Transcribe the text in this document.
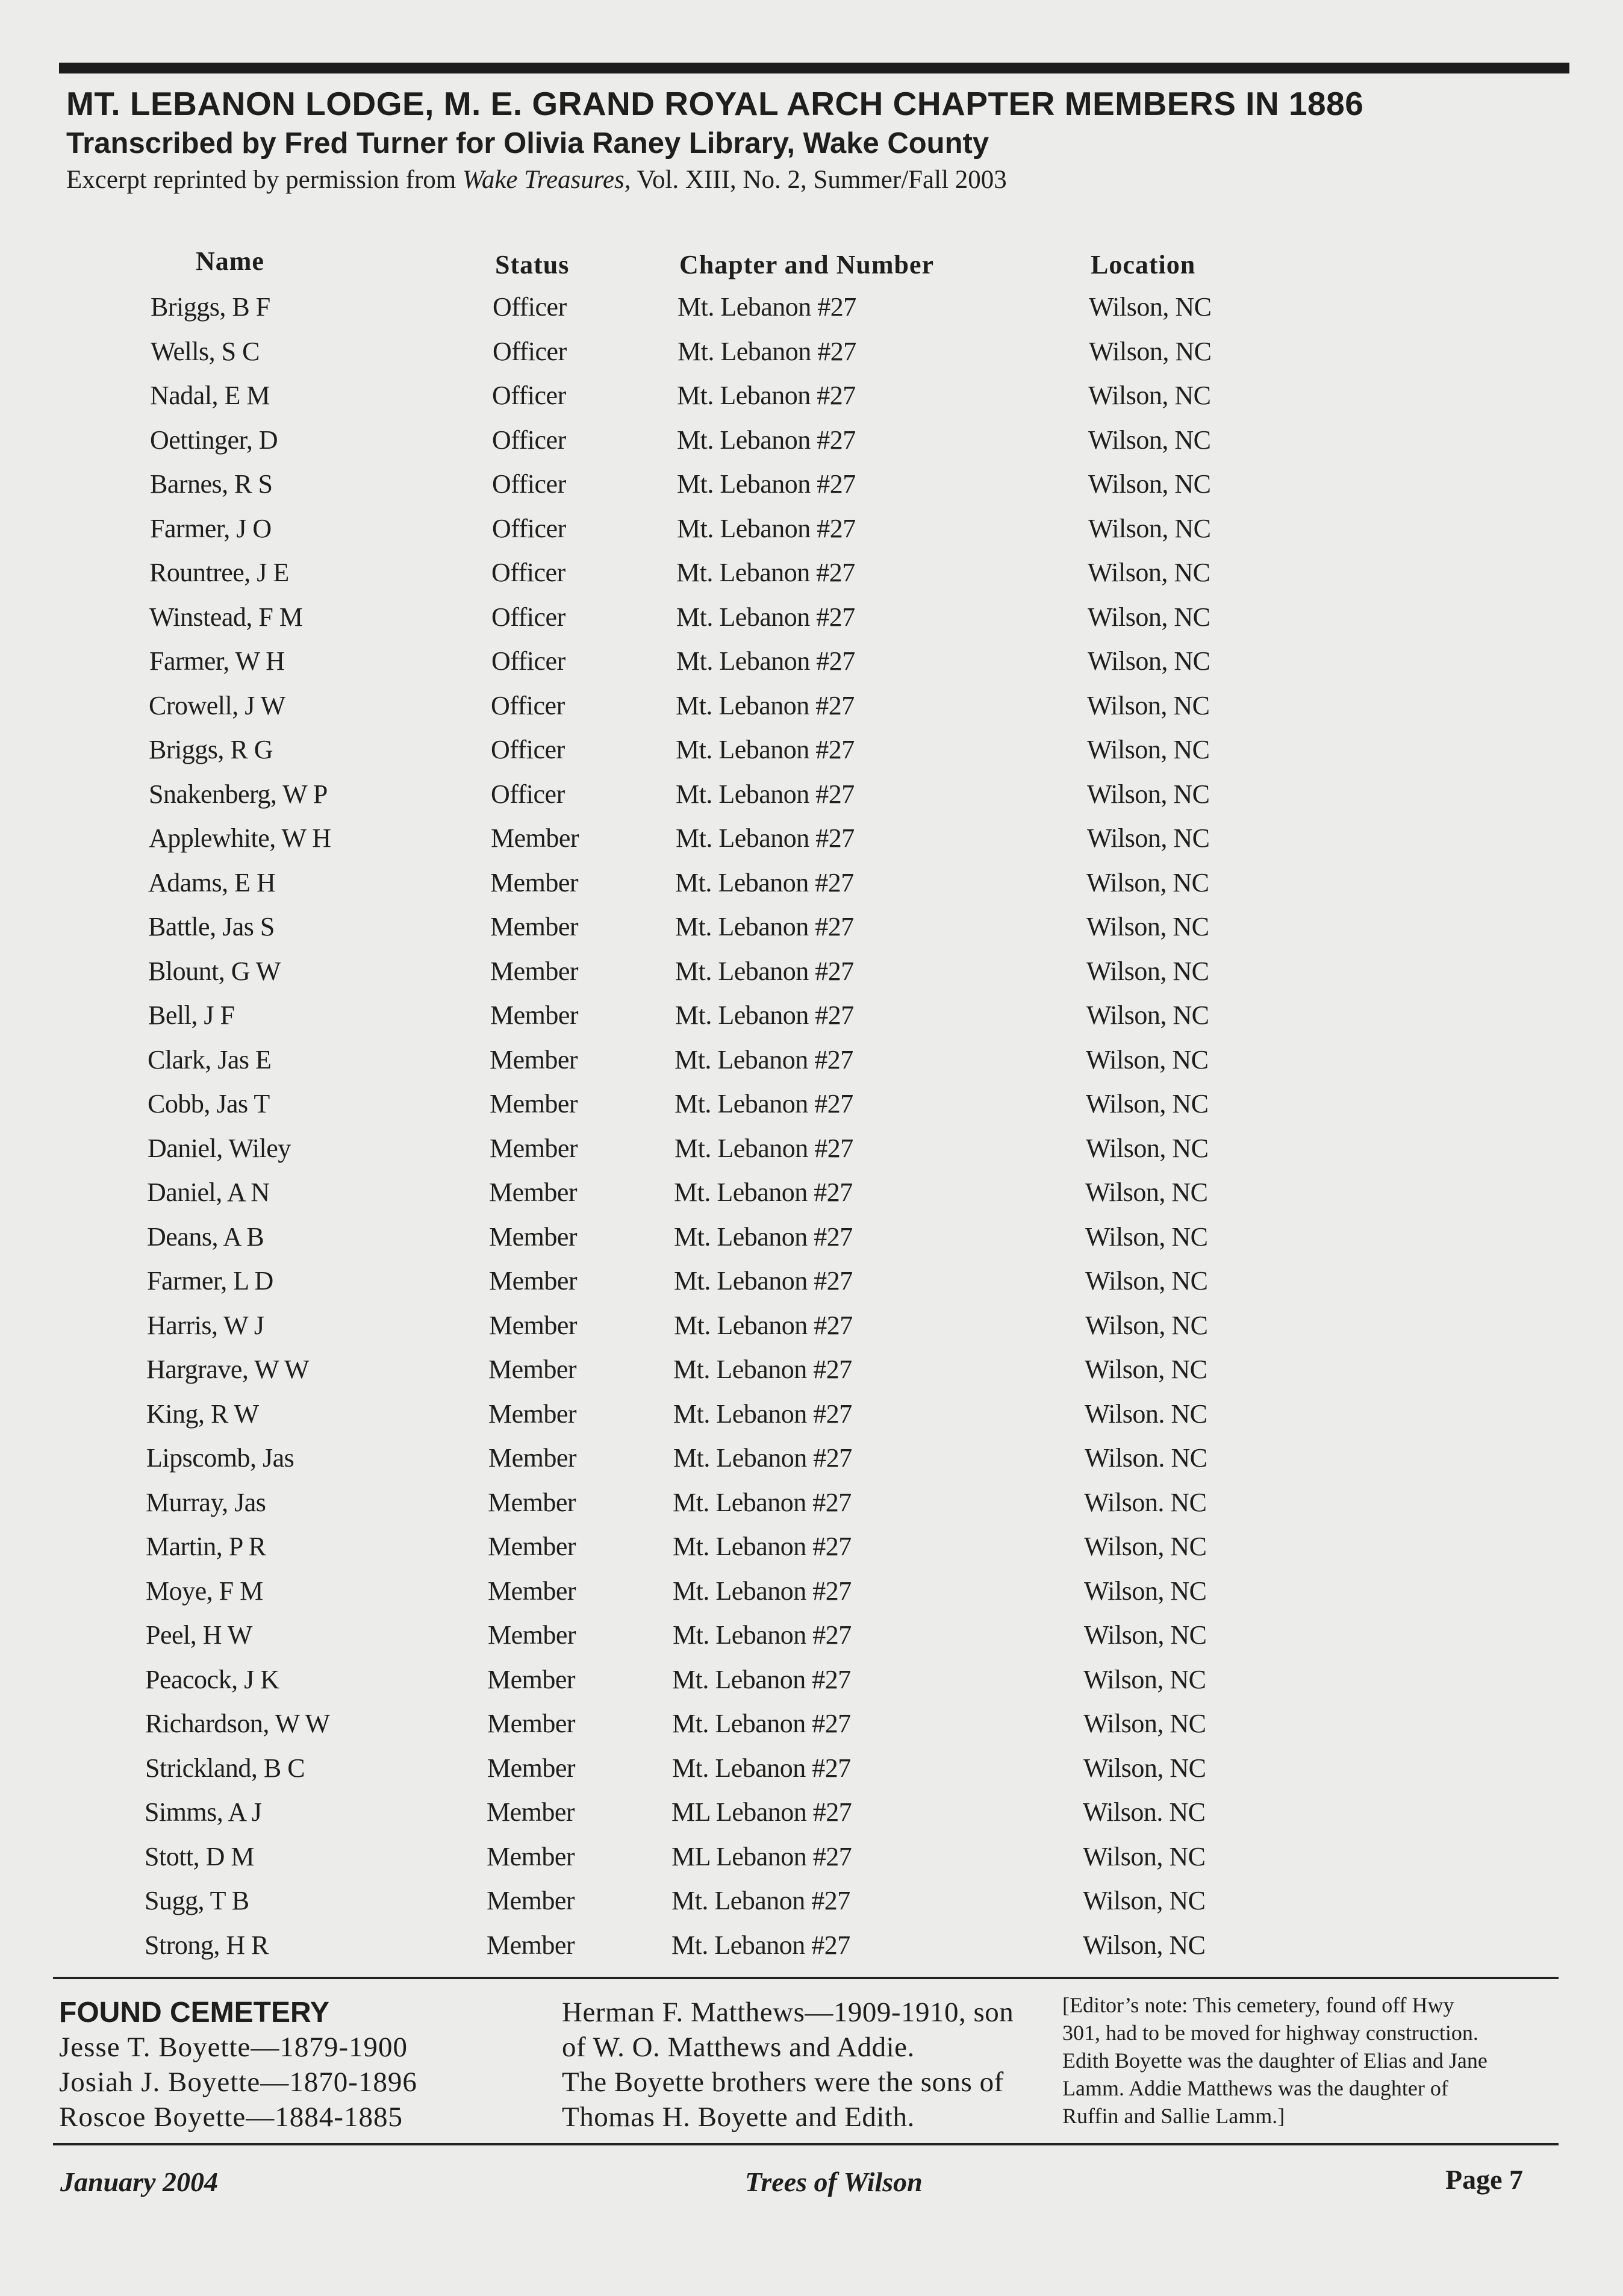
MT. LEBANON LODGE, M. E. GRAND ROYAL ARCH CHAPTER MEMBERS IN 1886
Transcribed by Fred Turner for Olivia Raney Library, Wake County
Excerpt reprinted by permission from Wake Treasures, Vol. XIII, No. 2, Summer/Fall 2003
Name	Status	Chapter and Number	Location
Briggs, B F	Officer	Mt. Lebanon #27	Wilson, NC
Wells, S C	Officer	Mt. Lebanon #27	Wilson, NC
Nadal, E M	Officer	Mt. Lebanon #27	Wilson, NC
Oettinger, D	Officer	Mt. Lebanon #27	Wilson, NC
Barnes, R S	Officer	Mt. Lebanon #27	Wilson, NC
Farmer, J O	Officer	Mt. Lebanon #27	Wilson, NC
Rountree, J E	Officer	Mt. Lebanon #27	Wilson, NC
Winstead, F M	Officer	Mt. Lebanon #27	Wilson, NC
Farmer, W H	Officer	Mt. Lebanon #27	Wilson, NC
Crowell, J W	Officer	Mt. Lebanon #27	Wilson, NC
Briggs, R G	Officer	Mt. Lebanon #27	Wilson, NC
Snakenberg, W P	Officer	Mt. Lebanon #27	Wilson, NC
Applewhite, W H	Member	Mt. Lebanon #27	Wilson, NC
Adams, E H	Member	Mt. Lebanon #27	Wilson, NC
Battle, Jas S	Member	Mt. Lebanon #27	Wilson, NC
Blount, G W	Member	Mt. Lebanon #27	Wilson, NC
Bell, J F	Member	Mt. Lebanon #27	Wilson, NC
Clark, Jas E	Member	Mt. Lebanon #27	Wilson, NC
Cobb, Jas T	Member	Mt. Lebanon #27	Wilson, NC
Daniel, Wiley	Member	Mt. Lebanon #27	Wilson, NC
Daniel, A N	Member	Mt. Lebanon #27	Wilson, NC
Deans, A B	Member	Mt. Lebanon #27	Wilson, NC
Farmer, L D	Member	Mt. Lebanon #27	Wilson, NC
Harris, W J	Member	Mt. Lebanon #27	Wilson, NC
Hargrave, W W	Member	Mt. Lebanon #27	Wilson, NC
King, R W	Member	Mt. Lebanon #27	Wilson. NC
Lipscomb, Jas	Member	Mt. Lebanon #27	Wilson. NC
Murray, Jas	Member	Mt. Lebanon #27	Wilson. NC
Martin, P R	Member	Mt. Lebanon #27	Wilson, NC
Moye, F M	Member	Mt. Lebanon #27	Wilson, NC
Peel, H W	Member	Mt. Lebanon #27	Wilson, NC
Peacock, J K	Member	Mt. Lebanon #27	Wilson, NC
Richardson, W W	Member	Mt. Lebanon #27	Wilson, NC
Strickland, B C	Member	Mt. Lebanon #27	Wilson, NC
Simms, A J	Member	ML Lebanon #27	Wilson. NC
Stott, D M	Member	ML Lebanon #27	Wilson, NC
Sugg, T B	Member	Mt. Lebanon #27	Wilson, NC
Strong, H R	Member	Mt. Lebanon #27	Wilson, NC
FOUND CEMETERY
Jesse T. Boyette—1879-1900
Josiah J. Boyette—1870-1896
Roscoe Boyette—1884-1885
Herman F. Matthews—1909-1910, son
of W. O. Matthews and Addie.
The Boyette brothers were the sons of
Thomas H. Boyette and Edith.
[Editor’s note: This cemetery, found off Hwy
301, had to be moved for highway construction.
Edith Boyette was the daughter of Elias and Jane
Lamm. Addie Matthews was the daughter of
Ruffin and Sallie Lamm.]
January 2004	Trees of Wilson	Page 7
